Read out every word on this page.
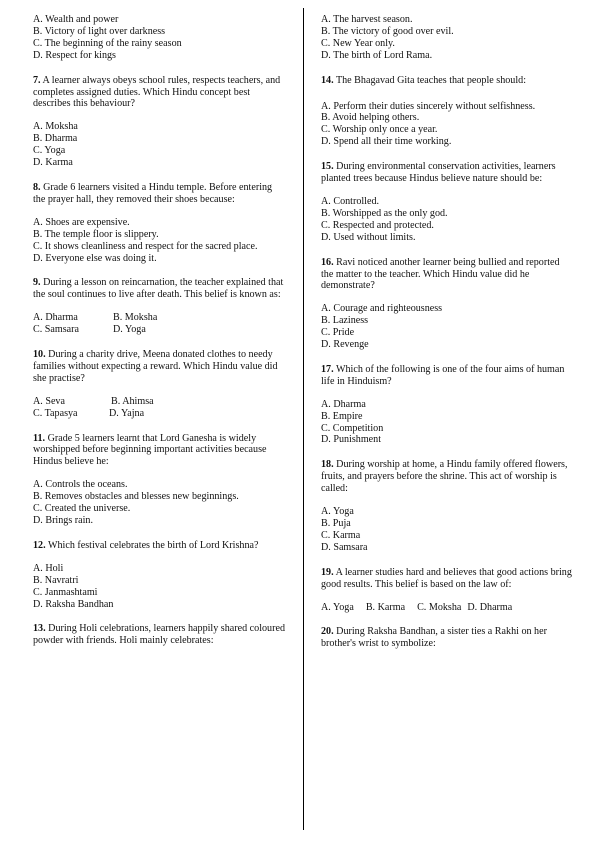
A. Wealth and power
B. Victory of light over darkness
C. The beginning of the rainy season
D. Respect for kings
7. A learner always obeys school rules, respects teachers, and completes assigned duties. Which Hindu concept best describes this behaviour?
A. Moksha
B. Dharma
C. Yoga
D. Karma
8. Grade 6 learners visited a Hindu temple. Before entering the prayer hall, they removed their shoes because:
A. Shoes are expensive.
B. The temple floor is slippery.
C. It shows cleanliness and respect for the sacred place.
D. Everyone else was doing it.
9. During a lesson on reincarnation, the teacher explained that the soul continues to live after death. This belief is known as:
A. Dharma	B. Moksha
C. Samsara	D. Yoga
10. During a charity drive, Meena donated clothes to needy families without expecting a reward. Which Hindu value did she practise?
A. Seva	B. Ahimsa
C. Tapasya	D. Yajna
11. Grade 5 learners learnt that Lord Ganesha is widely worshipped before beginning important activities because Hindus believe he:
A. Controls the oceans.
B. Removes obstacles and blesses new beginnings.
C. Created the universe.
D. Brings rain.
12. Which festival celebrates the birth of Lord Krishna?
A. Holi
B. Navratri
C. Janmashtami
D. Raksha Bandhan
13. During Holi celebrations, learners happily shared coloured powder with friends. Holi mainly celebrates:
A. The harvest season.
B. The victory of good over evil.
C. New Year only.
D. The birth of Lord Rama.
14. The Bhagavad Gita teaches that people should:
A. Perform their duties sincerely without selfishness.
B. Avoid helping others.
C. Worship only once a year.
D. Spend all their time working.
15. During environmental conservation activities, learners planted trees because Hindus believe nature should be:
A. Controlled.
B. Worshipped as the only god.
C. Respected and protected.
D. Used without limits.
16. Ravi noticed another learner being bullied and reported the matter to the teacher. Which Hindu value did he demonstrate?
A. Courage and righteousness
B. Laziness
C. Pride
D. Revenge
17. Which of the following is one of the four aims of human life in Hinduism?
A. Dharma
B. Empire
C. Competition
D. Punishment
18. During worship at home, a Hindu family offered flowers, fruits, and prayers before the shrine. This act of worship is called:
A. Yoga
B. Puja
C. Karma
D. Samsara
19. A learner studies hard and believes that good actions bring good results. This belief is based on the law of:
A. Yoga B. Karma C. Moksha D. Dharma
20. During Raksha Bandhan, a sister ties a Rakhi on her brother's wrist to symbolize:
